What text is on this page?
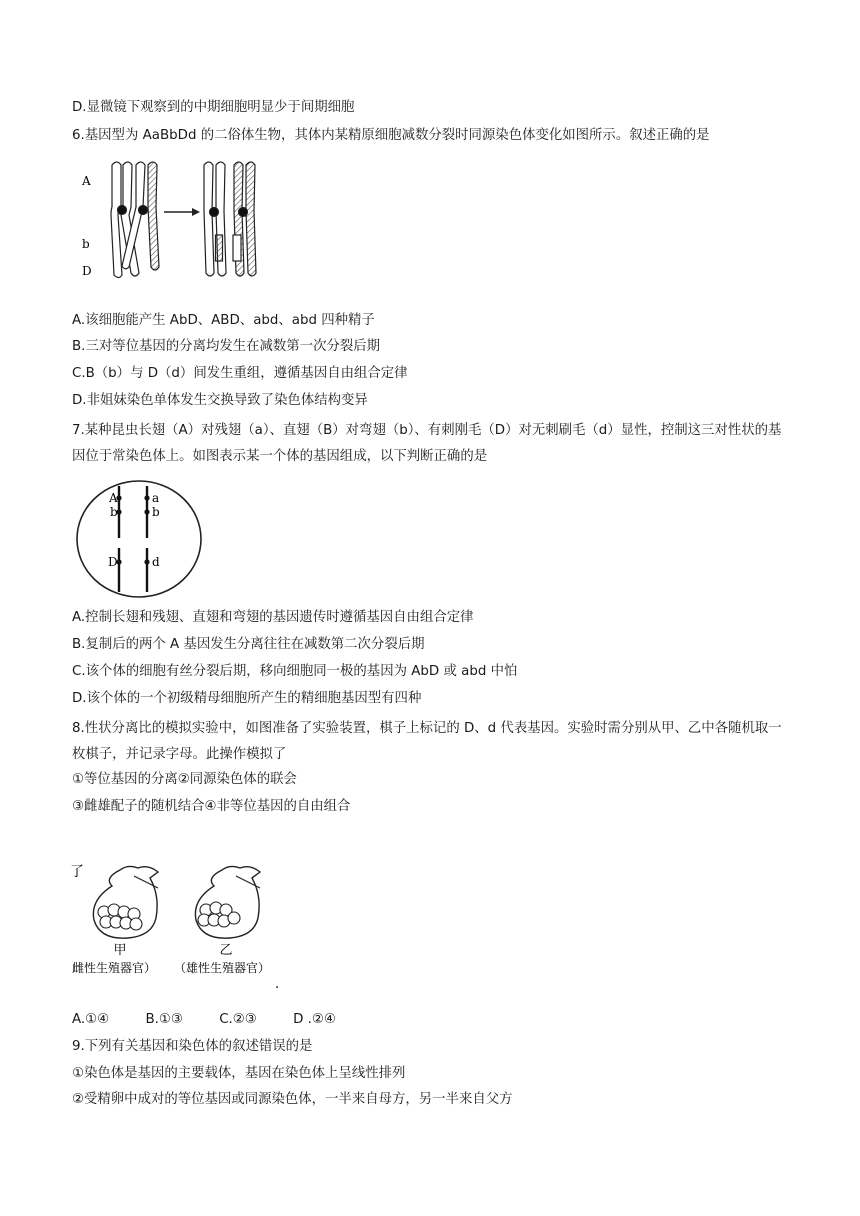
D.显微镜下观察到的中期细胞明显少于间期细胞
6.基因型为 AaBbDd 的二俗体生物，其体内某精原细胞减数分裂时同源染色体变化如图所示。叙述正确的是
A
b
D
A.该细胞能产生 AbD、ABD、abd、abd 四种精子
B.三对等位基因的分离均发生在减数第一次分裂后期
C.B（b）与 D（d）间发生重组，遵循基因自由组合定律
D.非姐妹染色单体发生交换导致了染色体结构变异
7.某种昆虫长翅（A）对残翅（a）、直翅（B）对弯翅（b）、有刺刚毛（D）对无刺刷毛（d）显性，控制这三对性状的基因位于常染色体上。如图表示某一个体的基因组成，以下判断正确的是
A	a
b	b
D	d
A.控制长翅和残翅、直翅和弯翅的基因遗传时遵循基因自由组合定律
B.复制后的两个 A 基因发生分离往往在减数第二次分裂后期
C.该个体的细胞有丝分裂后期，移向细胞同一极的基因为 AbD 或 abd 中怕
D.该个体的一个初级精母细胞所产生的精细胞基因型有四种
8.性状分离比的模拟实验中，如图准备了实验装置，棋子上标记的 D、d 代表基因。实验时需分别从甲、乙中各随机取一枚棋子，并记录字母。此操作模拟了
①等位基因的分离②同源染色体的联会
③雌雄配子的随机结合④非等位基因的自由组合
了
甲
雌性生殖器官）
乙
（雄性生殖器官）
.
A.①④	B.①③	C.②③	D .②④
9.下列有关基因和染色体的叙述错误的是
①染色体是基因的主要载体，基因在染色体上呈线性排列
②受精卵中成对的等位基因或同源染色体，一半来自母方，另一半来自父方
